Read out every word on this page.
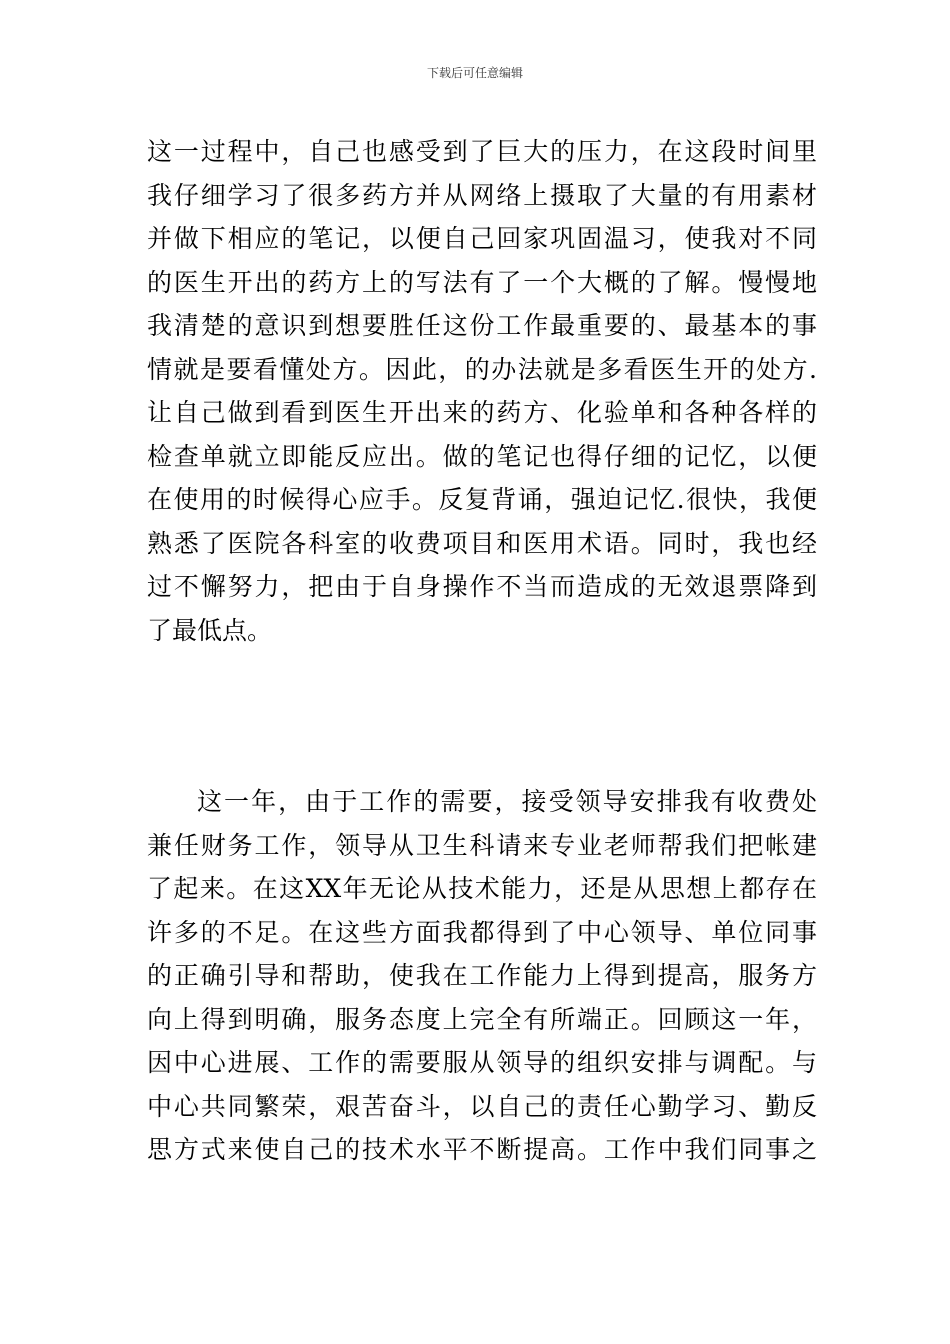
下载后可任意编辑
这一过程中，自己也感受到了巨大的压力，在这段时间里
我仔细学习了很多药方并从网络上摄取了大量的有用素材
并做下相应的笔记，以便自己回家巩固温习，使我对不同
的医生开出的药方上的写法有了一个大概的了解。慢慢地
我清楚的意识到想要胜任这份工作最重要的、最基本的事
情就是要看懂处方。因此，的办法就是多看医生开的处方.
让自己做到看到医生开出来的药方、化验单和各种各样的
检查单就立即能反应出。做的笔记也得仔细的记忆，以便
在使用的时候得心应手。反复背诵，强迫记忆.很快，我便
熟悉了医院各科室的收费项目和医用术语。同时，我也经
过不懈努力，把由于自身操作不当而造成的无效退票降到
了最低点。
这一年，由于工作的需要，接受领导安排我有收费处
兼任财务工作，领导从卫生科请来专业老师帮我们把帐建
了起来。在这XX年无论从技术能力，还是从思想上都存在
许多的不足。在这些方面我都得到了中心领导、单位同事
的正确引导和帮助，使我在工作能力上得到提高，服务方
向上得到明确，服务态度上完全有所端正。回顾这一年，
因中心进展、工作的需要服从领导的组织安排与调配。与
中心共同繁荣，艰苦奋斗，以自己的责任心勤学习、勤反
思方式来使自己的技术水平不断提高。工作中我们同事之
